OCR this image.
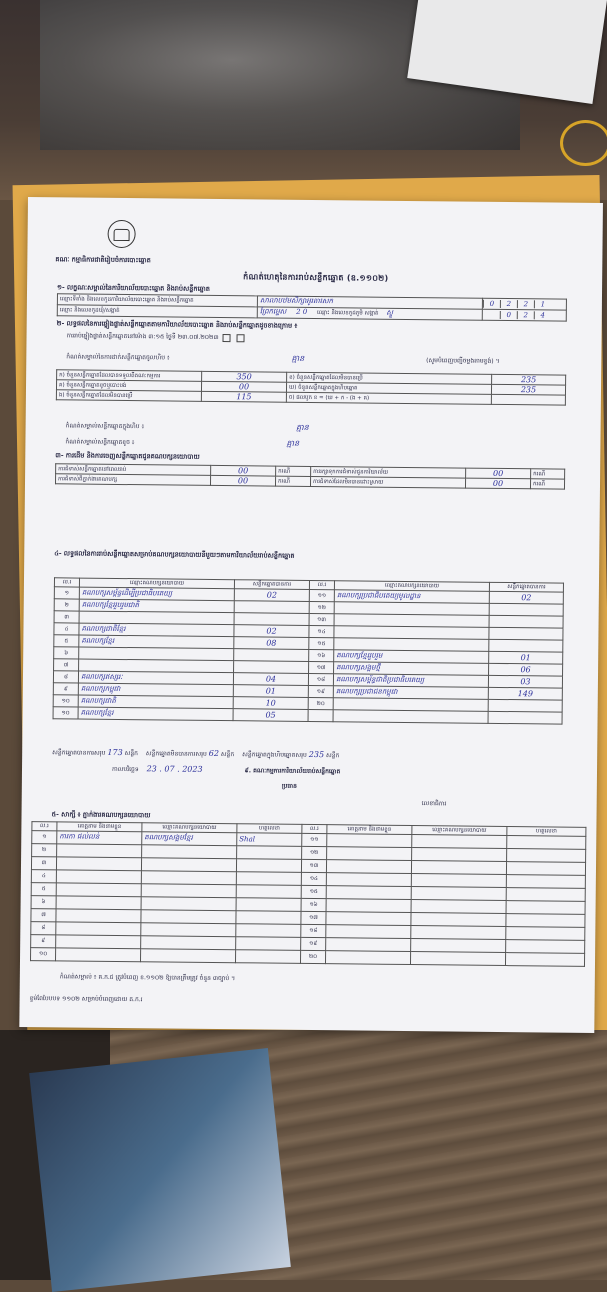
គណៈ កម្មាធិការជាតិរៀបចំការបោះឆ្នោត
កំណត់ហេតុនៃការរាប់សន្លឹកឆ្នោត (ឧ.១១០២)
១- លក្ខណៈសម្គាល់នៃការិយាល័យបោះឆ្នោត និងរាប់សន្លឹកឆ្នោត
ឈ្មោះទីតាំង និងលេខកូដការិយាល័យបោះឆ្នោត និងរាប់សន្លឹកឆ្នោត	សាលាបឋមសិក្សាអូរតាសេក	0 2 2 1
ឈ្មោះ និងលេខកូដឃុំ/សង្កាត់	ព្រែកម្ទេស 2 0 ឈ្មោះ និងលេខកូដភូមិ សង្កាត់ ស្ទួ	0 2 4
២- លទ្ធផលនៃការផ្ទៀងផ្ទាត់សន្លឹកឆ្នោតតាមការិយាល័យបោះឆ្នោត និងរាប់សន្លឹកឆ្នោតដូចខាងក្រោម ៖
ការរាប់ផ្ទៀងផ្ទាត់សន្លឹកឆ្នោតនៅម៉ោង ៣:១៥ ថ្ងៃទី ២៣.០៧.២០២៣
កំណត់សម្គាល់នៃការដាក់សន្លឹកឆ្នោតចូលហិប ៖	គ្មាន	(សូមបំពេញបញ្ជីចម្លងតាមខ្ទង់) ។
ក) ចំនួនសន្លឹកឆ្នោតដែលបានទទួលពីគណៈកម្មការ	350	ខ) ចំនួនសន្លឹកឆ្នោតដែលមិនបានប្រើ	235
គ) ចំនួនសន្លឹកឆ្នោតខូចឬបោះបង់	00	ឃ) ចំនួនសន្លឹកឆ្នោតក្នុងហិបឆ្នោត	235
ង) ចំនួនសន្លឹកឆ្នោតដែលមិនបានប្រើ	115	ច) ផលបូក ខ = (ឃ + ក - (ង + គ)	
កំណត់សម្គាល់សន្លឹកឆ្នោតក្នុងហិប ៖	គ្មាន
កំណត់សម្គាល់សន្លឹកឆ្នោតខូច ៖	គ្មាន
៣- ការដើម និងការចេញសន្លឹកឆ្នោតជូនគណបក្សនយោបាយ
ការជំទាស់សន្លឹកឆ្នោតនៅពេលរាប់	00	ករណី	ការរក្សាទុកការជំទាស់ជូនការិយាល័យ	00	ករណី
ការជំទាស់ពីភ្នាក់ងារគណបក្ស	00	ករណី	ការជំទាស់ដែលមិនបានដោះស្រាយ	00	ករណី
៤- លទ្ធផលនៃការរាប់សន្លឹកឆ្នោតសម្រាប់គណបក្សនយោបាយនីមួយៗតាមការិយាល័យរាប់សន្លឹកឆ្នោត
ល.រ	ឈ្មោះគណបក្សនយោបាយ	សន្លឹកឆ្នោតបានការ	ល.រ	ឈ្មោះគណបក្សនយោបាយ	សន្លឹកឆ្នោតបានការ
១	គណបក្សសម្ព័ន្ធដើម្បីប្រជាធិបតេយ្យ	02	១១	គណបក្សប្រជាធិបតេយ្យមូលដ្ឋាន	02
២	គណបក្សខ្មែររួបរួមជាតិ		១២		
៣			១៣		
៤	គណបក្សជាតិខ្មែរ	02	១៤		
៥	គណបក្សខ្មែរ	08	១៥		
៦			១៦	គណបក្សខ្មែររួបរួម	01
៧			១៧	គណបក្សសង្គមថ្មី	06
៨	គណបក្សឥស្សរៈ	04	១៨	គណបក្សសម្ព័ន្ធជាតិប្រជាធិបតេយ្យ	03
៩	គណបក្សកម្ពុជា	01	១៩	គណបក្សប្រជាជនកម្ពុជា	149
១០	គណបក្សជាតិ	10	២០		
១០	គណបក្សខ្មែរ	05			
សន្លឹកឆ្នោតបានការសរុប 173 សន្លឹក សន្លឹកឆ្នោតមិនបានការសរុប 62 សន្លឹក សន្លឹកឆ្នោតក្នុងហិបឆ្នោតសរុប 235 សន្លឹក
កាលបរិច្ឆេទ 23 . 07 . 2023	៩. គណៈកម្មការការិយាល័យរាប់សន្លឹកឆ្នោត
ប្រធាន
លេខាធិការ
៥- សាក្សី ៖ ភ្នាក់ងារគណបក្សនយោបាយ
ល.រ	គោត្តនាម និងនាមខ្លួន	ឈ្មោះគណបក្សនយោបាយ	ហត្ថលេខា	ល.រ	គោត្តនាម និងនាមខ្លួន	ឈ្មោះគណបក្សនយោបាយ	ហត្ថលេខា
១	ការកា ផល់លន់	គណបក្សសង្គមខ្មែរ	Shal	១១			
២				១២			
៣				១៣			
៤				១៤			
៥				១៥			
៦				១៦			
៧				១៧			
៨				១៨			
៩				១៩			
១០				២០			
កំណត់សម្គាល់ ៖ គ.ក.ជ ត្រូវបំពេញ ខ.១១០២ ឱ្យបានត្រឹមត្រូវ ចំនួន ៣ច្បាប់ ។
ខ្ទម់ពែបែបបទ ១១០២ សម្រាប់បំពេញដោយ គ.ក.រ
